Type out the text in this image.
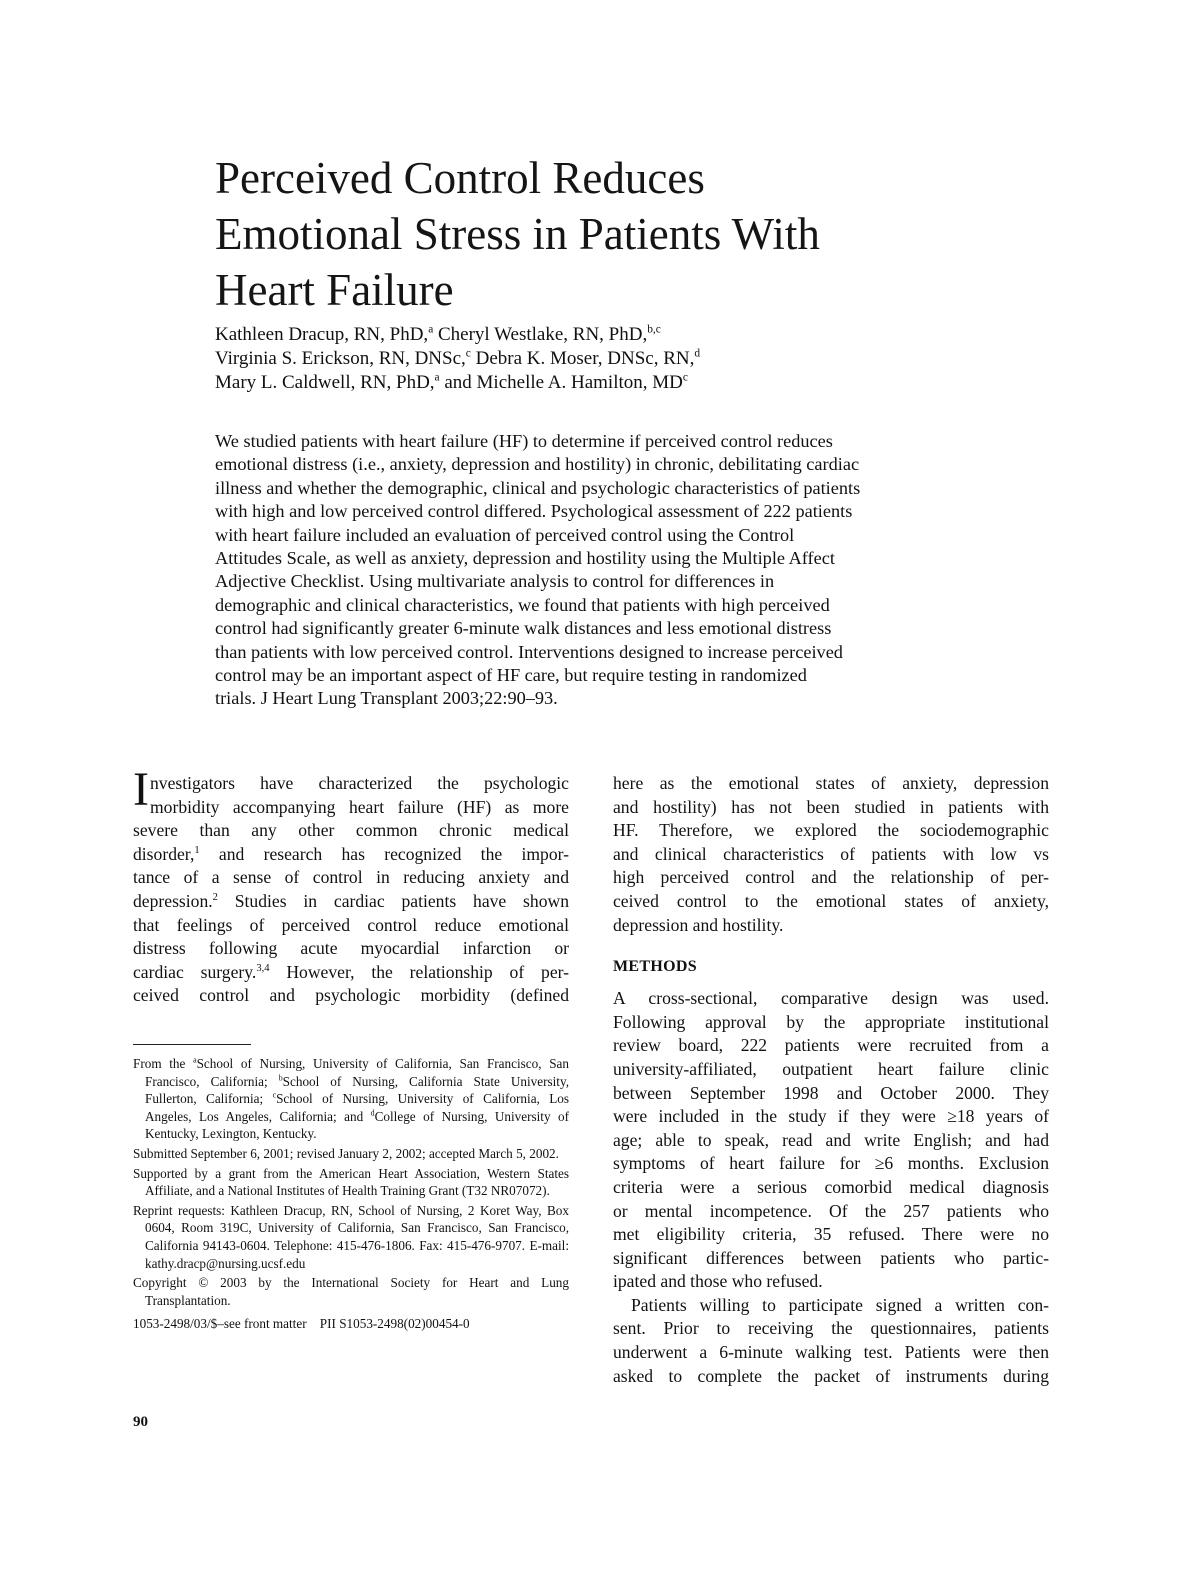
Perceived Control Reduces
Emotional Stress in Patients With
Heart Failure
Kathleen Dracup, RN, PhD,$^a$ Cheryl Westlake, RN, PhD,$^{b,c}$
Virginia S. Erickson, RN, DNSc,$^c$ Debra K. Moser, DNSc, RN,$^d$
Mary L. Caldwell, RN, PhD,$^a$ and Michelle A. Hamilton, $MD^c$
We studied patients with heart failure (HF) to determine if perceived control reduces
emotional distress (i.e., anxiety, depression and hostility) in chronic, debilitating cardiac
illness and whether the demographic, clinical and psychologic characteristics of patients
with high and low perceived control differed. Psychological assessment of 222 patients
with heart failure included an evaluation of perceived control using the Control
Attitudes Scale, as well as anxiety, depression and hostility using the Multiple Affect
Adjective Checklist. Using multivariate analysis to control for differences in
demographic and clinical characteristics, we found that patients with high perceived
control had significantly greater 6-minute walk distances and less emotional distress
than patients with low perceived control. Interventions designed to increase perceived
control may be an important aspect of HF care, but require testing in randomized
trials. J Heart Lung Transplant 2003;22:90–93.
I nvestigators have characterized the psychologic
morbidity accompanying heart failure (HF) as more
severe than any other common chronic medical
disorder,$^1$ and research has recognized the impor-
tance of a sense of control in reducing anxiety and
depression.$^2$ Studies in cardiac patients have shown
that feelings of perceived control reduce emotional
distress following acute myocardial infarction or
cardiac surgery.$^{3,4}$ However, the relationship of per-
ceived control and psychologic morbidity (defined
From the $^a$School of Nursing, University of California, San Francisco, San Francisco, California; $^b$School of Nursing, California State University, Fullerton, California; $^c$School of Nursing, University of California, Los Angeles, Los Angeles, California; and $^d$College of Nursing, University of Kentucky, Lexington, Kentucky.
Submitted September 6, 2001; revised January 2, 2002; accepted March 5, 2002.
Supported by a grant from the American Heart Association, Western States Affiliate, and a National Institutes of Health Training Grant (T32 NR07072).
Reprint requests: Kathleen Dracup, RN, School of Nursing, 2 Koret Way, Box 0604, Room 319C, University of California, San Francisco, San Francisco, California 94143-0604. Telephone: 415-476-1806. Fax: 415-476-9707. E-mail: kathy.dracp@nursing.ucsf.edu
Copyright © 2003 by the International Society for Heart and Lung Transplantation.
1053-2498/03/$–see front matter PII S1053-2498(02)00454-0
90
here as the emotional states of anxiety, depression
and hostility) has not been studied in patients with
HF. Therefore, we explored the sociodemographic
and clinical characteristics of patients with low vs
high perceived control and the relationship of per-
ceived control to the emotional states of anxiety,
depression and hostility.
METHODS
A cross-sectional, comparative design was used.
Following approval by the appropriate institutional
review board, 222 patients were recruited from a
university-affiliated, outpatient heart failure clinic
between September 1998 and October 2000. They
were included in the study if they were ≥18 years of
age; able to speak, read and write English; and had
symptoms of heart failure for ≥6 months. Exclusion
criteria were a serious comorbid medical diagnosis
or mental incompetence. Of the 257 patients who
met eligibility criteria, 35 refused. There were no
significant differences between patients who partic-
ipated and those who refused.
Patients willing to participate signed a written con-
sent. Prior to receiving the questionnaires, patients
underwent a 6-minute walking test. Patients were then
asked to complete the packet of instruments during
